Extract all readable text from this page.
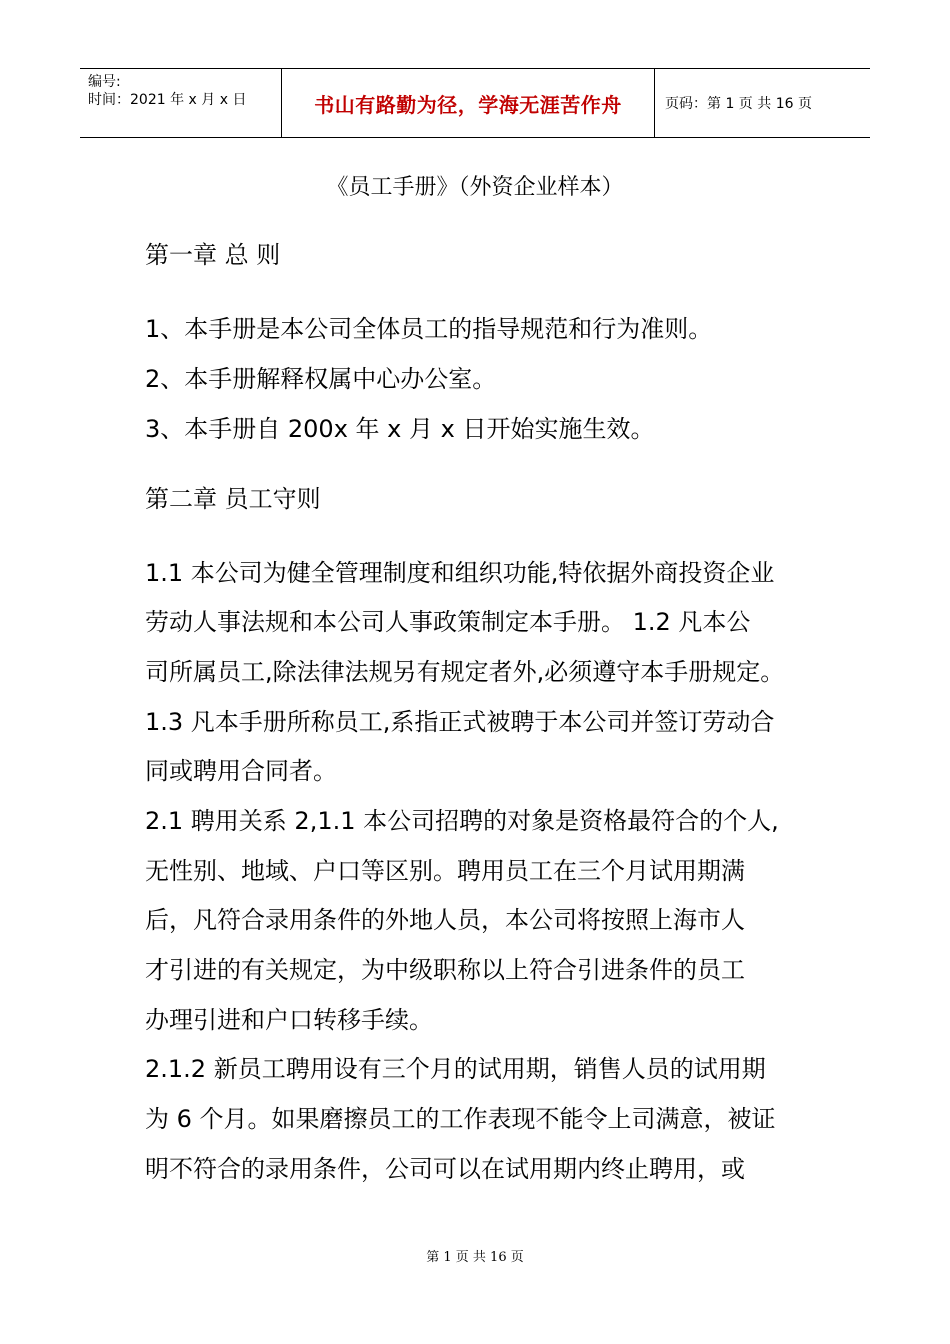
编号:
时间：2021 年 x 月 x 日	书山有路勤为径，学海无涯苦作舟	页码：第 1 页 共 16 页
《员工手册》（外资企业样本）
第一章 总 则
1、本手册是本公司全体员工的指导规范和行为准则。
2、本手册解释权属中心办公室。
3、本手册自 200x 年 x 月 x 日开始实施生效。
第二章 员工守则
1.1 本公司为健全管理制度和组织功能,特依据外商投资企业
劳动人事法规和本公司人事政策制定本手册。 1.2 凡本公
司所属员工,除法律法规另有规定者外,必须遵守本手册规定。
1.3 凡本手册所称员工,系指正式被聘于本公司并签订劳动合
同或聘用合同者。
2.1 聘用关系 2,1.1 本公司招聘的对象是资格最符合的个人,
无性别、地域、户口等区别。聘用员工在三个月试用期满
后，凡符合录用条件的外地人员，本公司将按照上海市人
才引进的有关规定，为中级职称以上符合引进条件的员工
办理引进和户口转移手续。
2.1.2 新员工聘用设有三个月的试用期，销售人员的试用期
为 6 个月。如果磨擦员工的工作表现不能令上司满意，被证
明不符合的录用条件，公司可以在试用期内终止聘用，或
第 1 页 共 16 页
